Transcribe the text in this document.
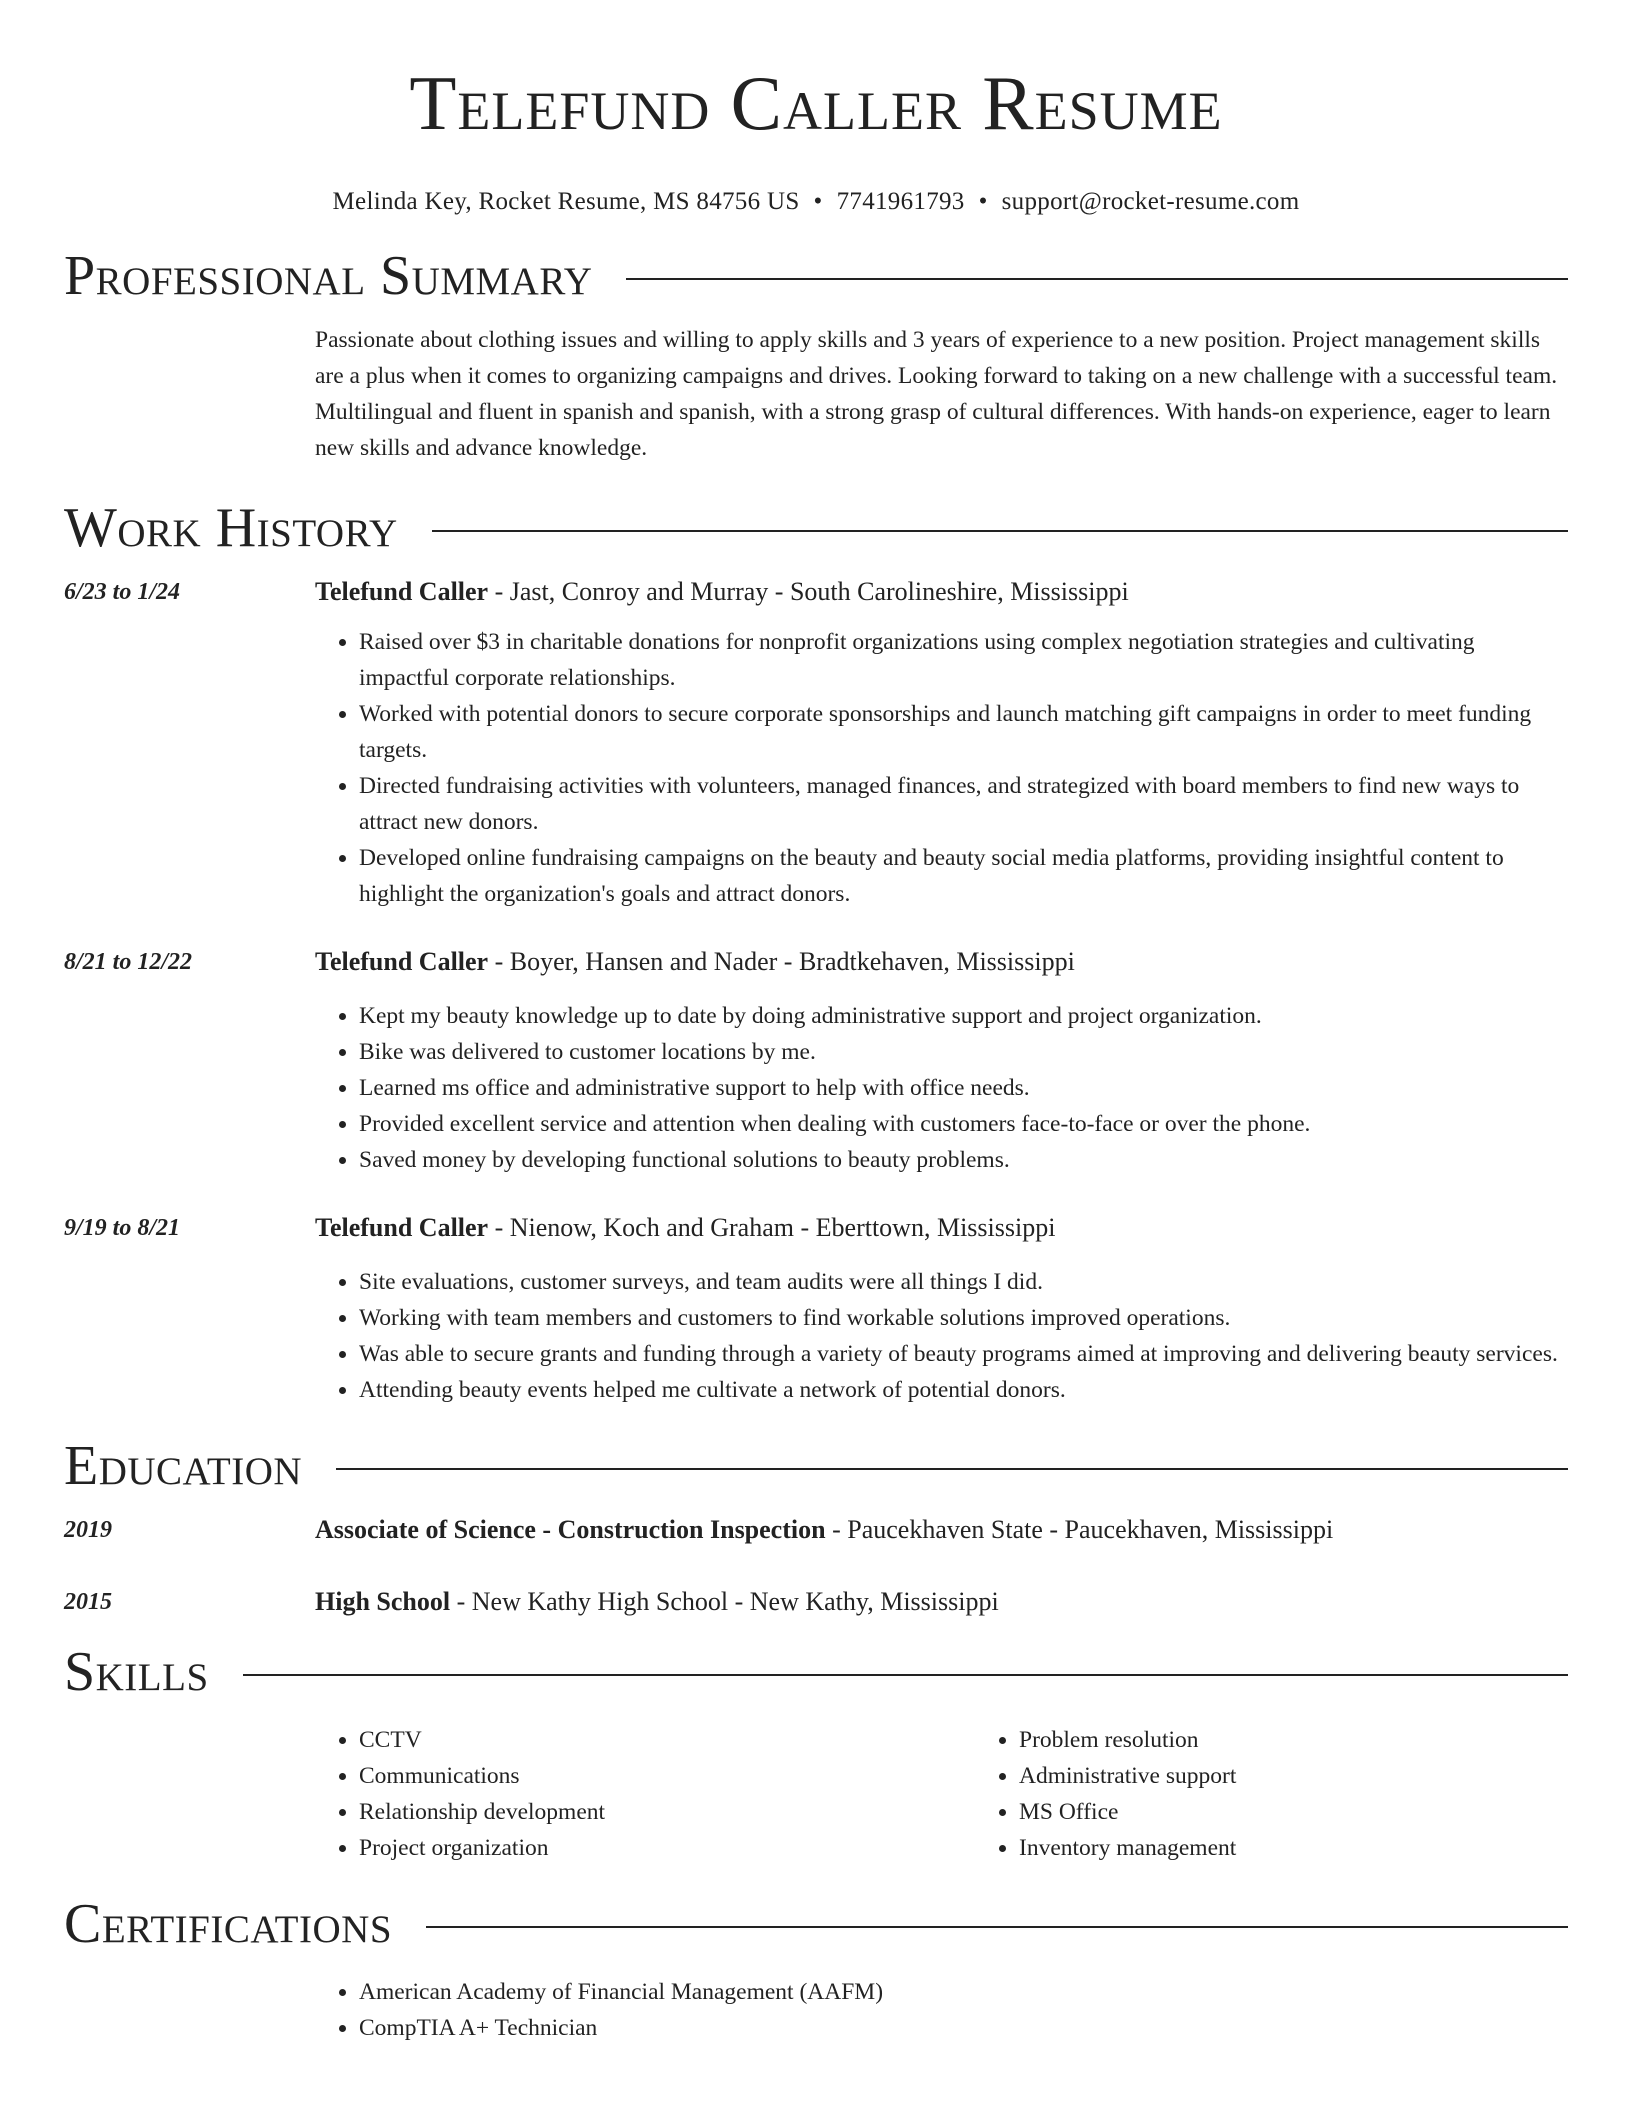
Telefund Caller Resume
Melinda Key, Rocket Resume, MS 84756 US • 7741961793 • support@rocket-resume.com
Professional Summary
Passionate about clothing issues and willing to apply skills and 3 years of experience to a new position. Project management skills are a plus when it comes to organizing campaigns and drives. Looking forward to taking on a new challenge with a successful team. Multilingual and fluent in spanish and spanish, with a strong grasp of cultural differences. With hands-on experience, eager to learn new skills and advance knowledge.
Work History
6/23 to 1/24	Telefund Caller - Jast, Conroy and Murray - South Carolineshire, Mississippi
• Raised over $3 in charitable donations for nonprofit organizations using complex negotiation strategies and cultivating impactful corporate relationships.
• Worked with potential donors to secure corporate sponsorships and launch matching gift campaigns in order to meet funding targets.
• Directed fundraising activities with volunteers, managed finances, and strategized with board members to find new ways to attract new donors.
• Developed online fundraising campaigns on the beauty and beauty social media platforms, providing insightful content to highlight the organization's goals and attract donors.
8/21 to 12/22	Telefund Caller - Boyer, Hansen and Nader - Bradtkehaven, Mississippi
• Kept my beauty knowledge up to date by doing administrative support and project organization.
• Bike was delivered to customer locations by me.
• Learned ms office and administrative support to help with office needs.
• Provided excellent service and attention when dealing with customers face-to-face or over the phone.
• Saved money by developing functional solutions to beauty problems.
9/19 to 8/21	Telefund Caller - Nienow, Koch and Graham - Eberttown, Mississippi
• Site evaluations, customer surveys, and team audits were all things I did.
• Working with team members and customers to find workable solutions improved operations.
• Was able to secure grants and funding through a variety of beauty programs aimed at improving and delivering beauty services.
• Attending beauty events helped me cultivate a network of potential donors.
Education
2019	Associate of Science - Construction Inspection - Paucekhaven State - Paucekhaven, Mississippi
2015	High School - New Kathy High School - New Kathy, Mississippi
Skills
• CCTV
• Communications
• Relationship development
• Project organization
• Problem resolution
• Administrative support
• MS Office
• Inventory management
Certifications
• American Academy of Financial Management (AAFM)
• CompTIA A+ Technician
